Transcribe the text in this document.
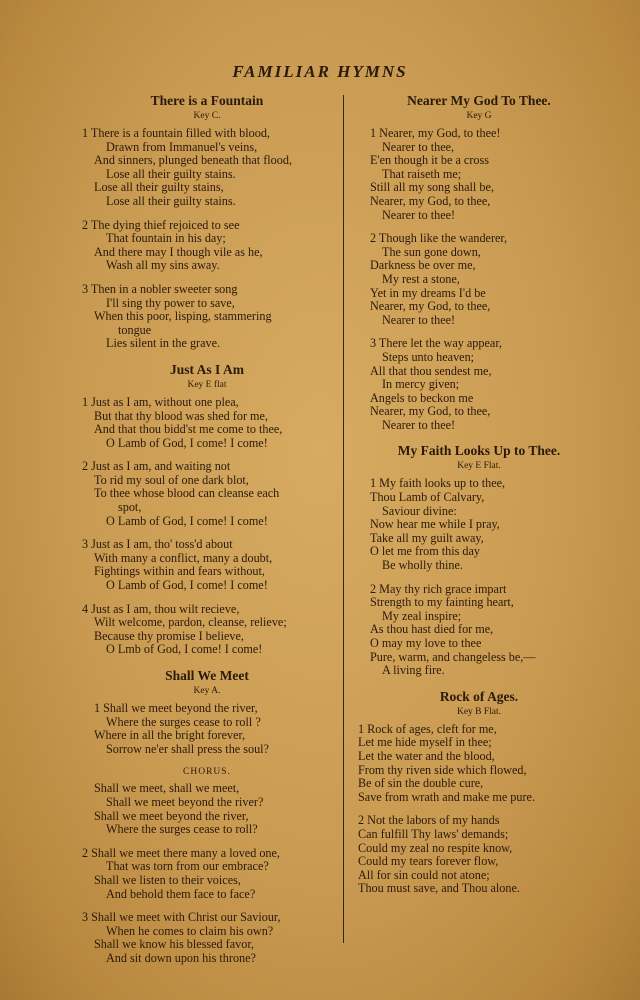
FAMILIAR HYMNS
There is a Fountain
Key C.
1 There is a fountain filled with blood,
Drawn from Immanuel's veins,
And sinners, plunged beneath that flood,
Lose all their guilty stains.
Lose all their guilty stains,
Lose all their guilty stains.
2 The dying thief rejoiced to see
That fountain in his day;
And there may I though vile as he,
Wash all my sins away.
3 Then in a nobler sweeter song
I'll sing thy power to save,
When this poor, lisping, stammering
tongue
Lies silent in the grave.
Just As I Am
Key E flat
1 Just as I am, without one plea,
But that thy blood was shed for me,
And that thou bidd'st me come to thee,
O Lamb of God, I come! I come!
2 Just as I am, and waiting not
To rid my soul of one dark blot,
To thee whose blood can cleanse each
spot,
O Lamb of God, I come! I come!
3 Just as I am, tho' toss'd about
With many a conflict, many a doubt,
Fightings within and fears without,
O Lamb of God, I come! I come!
4 Just as I am, thou wilt recieve,
Wilt welcome, pardon, cleanse, relieve;
Because thy promise I believe,
O Lmb of God, I come! I come!
Shall We Meet
Key A.
1 Shall we meet beyond the river,
Where the surges cease to roll ?
Where in all the bright forever,
Sorrow ne'er shall press the soul?
CHORUS.
Shall we meet, shall we meet,
Shall we meet beyond the river?
Shall we meet beyond the river,
Where the surges cease to roll?
2 Shall we meet there many a loved one,
That was torn from our embrace?
Shall we listen to their voices,
And behold them face to face?
3 Shall we meet with Christ our Saviour,
When he comes to claim his own?
Shall we know his blessed favor,
And sit down upon his throne?
Nearer My God To Thee.
Key G
1 Nearer, my God, to thee!
Nearer to thee,
E'en though it be a cross
That raiseth me;
Still all my song shall be,
Nearer, my God, to thee,
Nearer to thee!
2 Though like the wanderer,
The sun gone down,
Darkness be over me,
My rest a stone,
Yet in my dreams I'd be
Nearer, my God, to thee,
Nearer to thee!
3 There let the way appear,
Steps unto heaven;
All that thou sendest me,
In mercy given;
Angels to beckon me
Nearer, my God, to thee,
Nearer to thee!
My Faith Looks Up to Thee.
Key E Flat.
1 My faith looks up to thee,
Thou Lamb of Calvary,
Saviour divine:
Now hear me while I pray,
Take all my guilt away,
O let me from this day
Be wholly thine.
2 May thy rich grace impart
Strength to my fainting heart,
My zeal inspire;
As thou hast died for me,
O may my love to thee
Pure, warm, and changeless be,—
A living fire.
Rock of Ages.
Key B Flat.
1 Rock of ages, cleft for me,
Let me hide myself in thee;
Let the water and the blood,
From thy riven side which flowed,
Be of sin the double cure,
Save from wrath and make me pure.
2 Not the labors of my hands
Can fulfill Thy laws' demands;
Could my zeal no respite know,
Could my tears forever flow,
All for sin could not atone;
Thou must save, and Thou alone.
